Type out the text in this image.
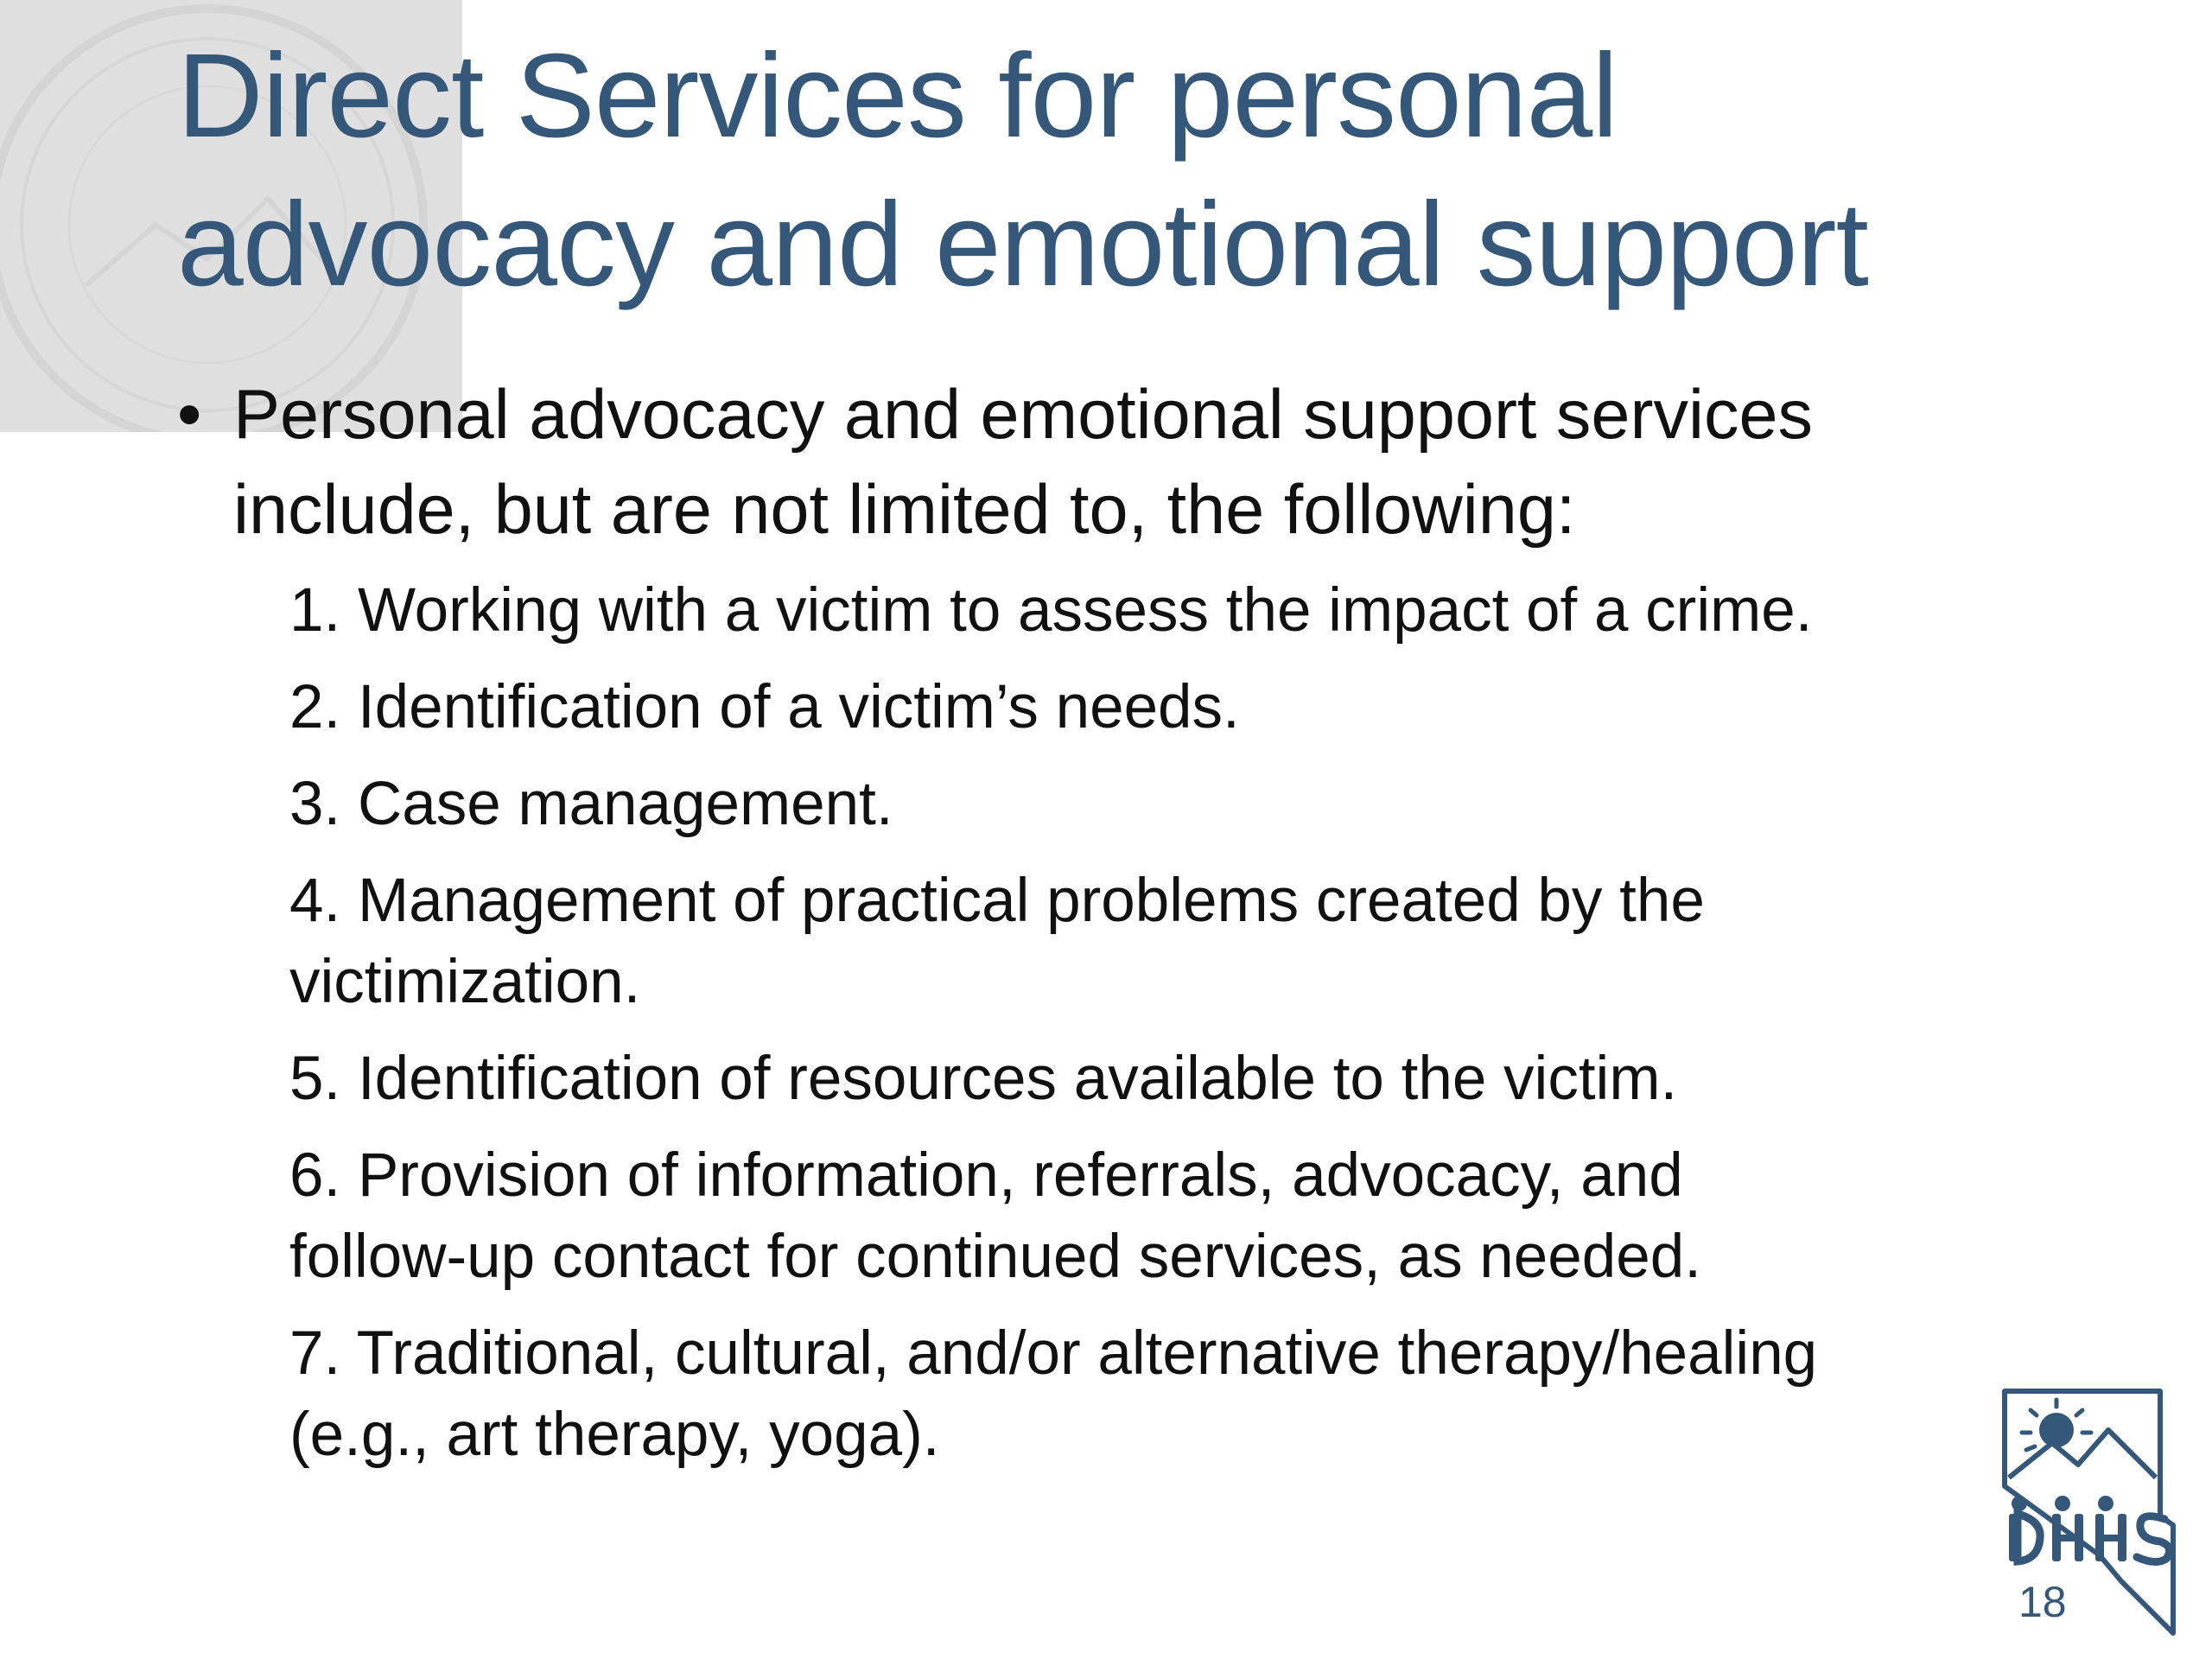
Direct Services for personal
advocacy and emotional support
• Personal advocacy and emotional support services
include, but are not limited to, the following:
1. Working with a victim to assess the impact of a crime.
2. Identification of a victim’s needs.
3. Case management.
4. Management of practical problems created by the
victimization.
5. Identification of resources available to the victim.
6. Provision of information, referrals, advocacy, and
follow-up contact for continued services, as needed.
7. Traditional, cultural, and/or alternative therapy/healing
(e.g., art therapy, yoga).
18
